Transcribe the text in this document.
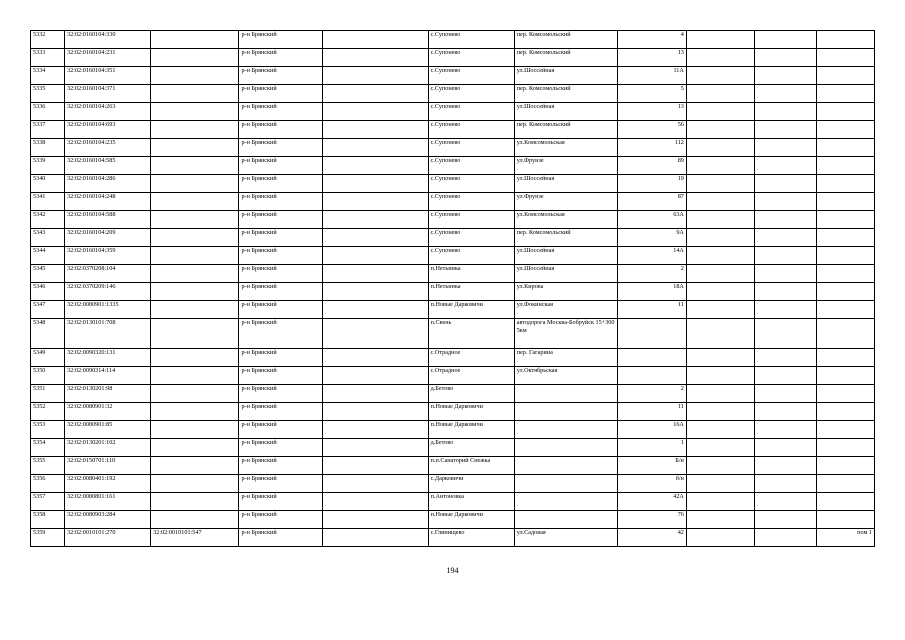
5332	32:02:0160104:330		р-н Брянский		с.Супонево	пер. Комсомольский	4			
5333	32:02:0160104:231		р-н Брянский		с.Супонево	пер. Комсомольский	13			
5334	32:02:0160104:351		р-н Брянский		с.Супонево	ул.Шоссейная	11А			
5335	32:02:0160104:371		р-н Брянский		с.Супонево	пер. Комсомольский	5			
5336	32:02:0160104:263		р-н Брянский		с.Супонево	ул.Шоссейная	13			
5337	32:02:0160104:693		р-н Брянский		с.Супонево	пер. Комсомольский	56			
5338	32:02:0160104:235		р-н Брянский		с.Супонево	ул.Комсомольская	112			
5339	32:02:0160104:585		р-н Брянский		с.Супонево	ул.Фрунзе	89			
5340	32:02:0160104:286		р-н Брянский		с.Супонево	ул.Шоссейная	19			
5341	32:02:0160104:248		р-н Брянский		с.Супонево	ул.Фрунзе	87			
5342	32:02:0160104:588		р-н Брянский		с.Супонево	ул.Комсомольская	63А			
5343	32:02:0160104:209		р-н Брянский		с.Супонево	пер. Комсомольский	9А			
5344	32:02:0160104:359		р-н Брянский		с.Супонево	ул.Шоссейная	14А			
5345	32:02:0370208:104		р-н Брянский		п.Нетьинка	ул.Шоссейная	2			
5346	32:02:0370209:146		р-н Брянский		п.Нетьинка	ул.Кирова	18А			
5347	32:02:0080901:1335		р-н Брянский		п.Новые Дарковичи	ул.Фокинская	11			
5348	32:02:0130101:708		р-н Брянский		п.Свень	автодорога Москва-Бобруйск 15+300 5км				
5349	32:02:0090320:131		р-н Брянский		с.Отрадное	пер. Гагарина				
5350	32:02:0090314:114		р-н Брянский		с.Отрадное	ул.Октябрьская				
5351	32:02:0130201:98		р-н Брянский		д.Бетово		2			
5352	32:02:0080901:32		р-н Брянский		п.Новые Дарковичи		11			
5353	32:02:0080901:85		р-н Брянский		п.Новые Дарковичи		16А			
5354	32:02:0130201:102		р-н Брянский		д.Бетово		1			
5355	32:02:0150701:110		р-н Брянский		п.п.Санаторий Снежка		Б/н			
5356	32:02:0080401:192		р-н Брянский		с.Дарковичи		б/н			
5357	32:02:0080801:161		р-н Брянский		п.Антоновка		42А			
5358	32:02:0080903:284		р-н Брянский		п.Новые Дарковичи		76			
5359	32:02:0010101:270	32:02:0010101:547	р-н Брянский		с.Глинищево	ул.Садовая	42			пом 1
194
